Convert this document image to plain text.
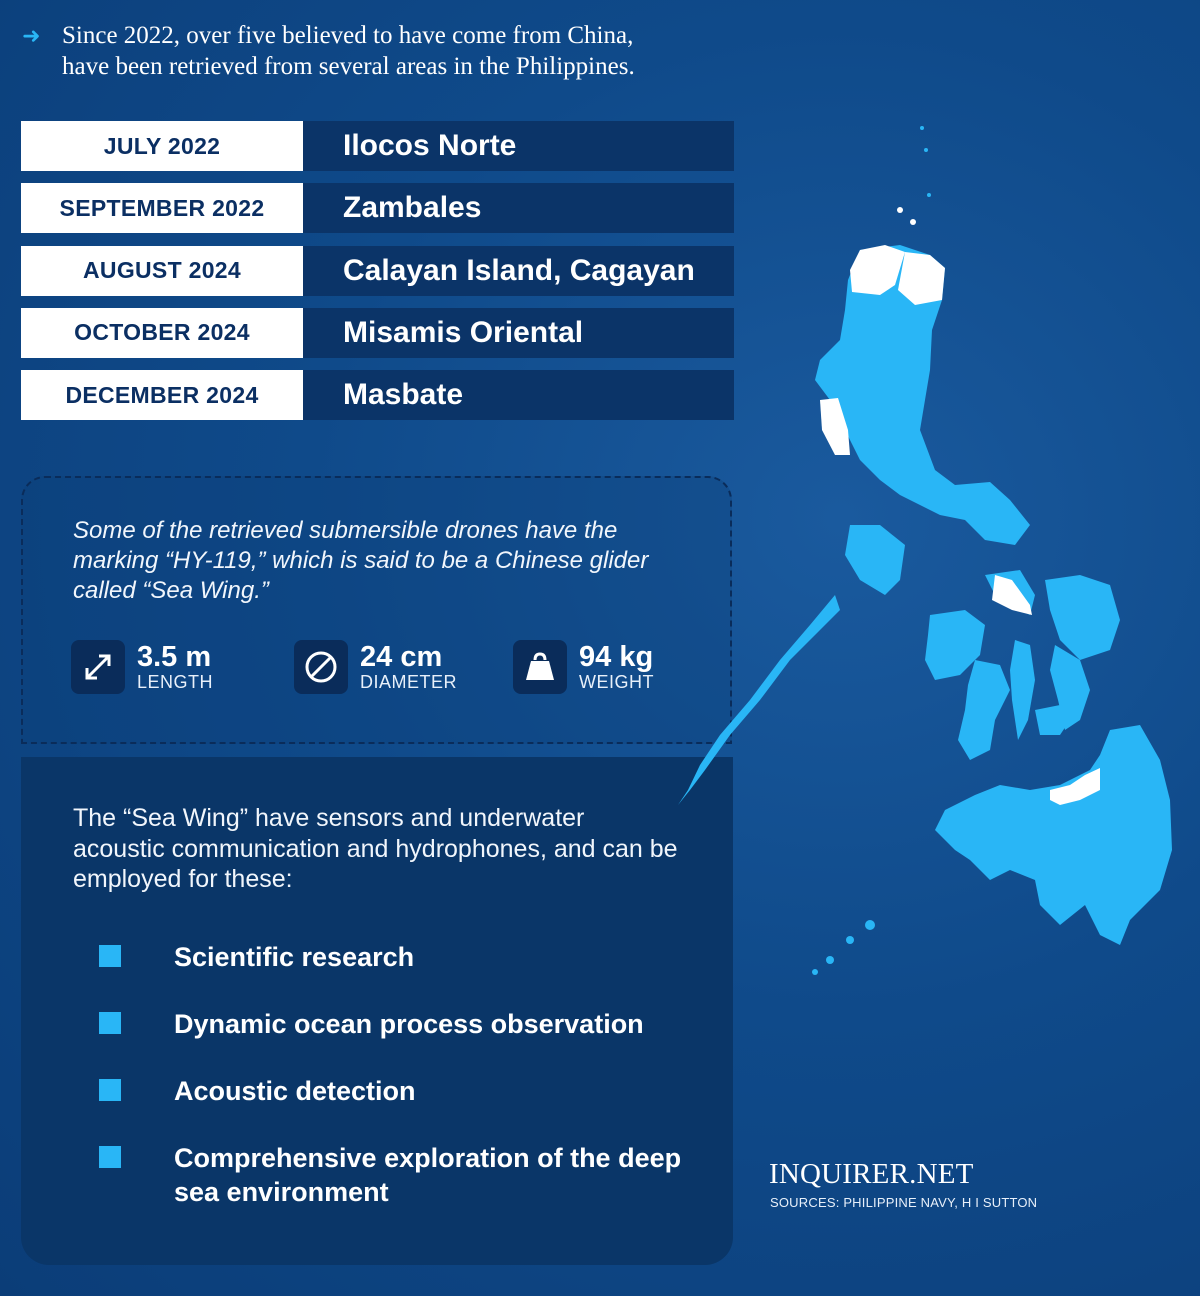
➜ Since 2022, over five believed to have come from China,
have been retrieved from several areas in the Philippines.
JULY 2022	Ilocos Norte
SEPTEMBER 2022	Zambales
AUGUST 2024	Calayan Island, Cagayan
OCTOBER 2024	Misamis Oriental
DECEMBER 2024	Masbate
Some of the retrieved submersible drones have the
marking “HY-119,” which is said to be a Chinese glider
called “Sea Wing.”
3.5 m
LENGTH
24 cm
DIAMETER
94 kg
WEIGHT
The “Sea Wing” have sensors and underwater
acoustic communication and hydrophones, and can be
employed for these:
Scientific research
Dynamic ocean process observation
Acoustic detection
Comprehensive exploration of the deep sea environment
INQUIRER.NET
SOURCES: PHILIPPINE NAVY, H I SUTTON
